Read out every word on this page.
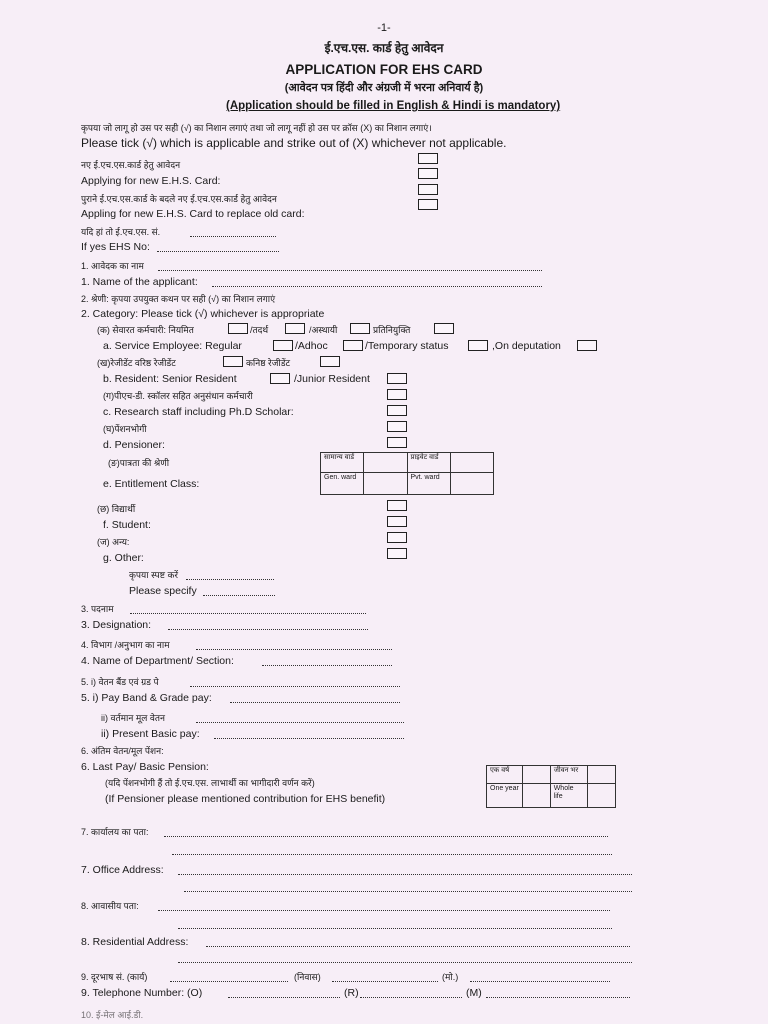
-1-
ई.एच.एस. कार्ड हेतु आवेदन
APPLICATION FOR EHS CARD
(आवेदन पत्र हिंदी और अंग्रजी में भरना अनिवार्य है)
(Application should be filled in English & Hindi is mandatory)
कृपया जो लागू हो उस पर सही (√) का निशान लगाएं तथा जो लागू नहीं हो उस पर क्रॉस (X) का निशान लगाएं।
Please tick (√) which is applicable and strike out of (X) whichever not applicable.
नए ई.एच.एस.कार्ड हेतु आवेदन
Applying for new E.H.S. Card:
पुराने ई.एच.एस.कार्ड के बदले नए ई.एच.एस.कार्ड हेतु आवेदन
Appling for new E.H.S. Card to replace old card:
यदि हां तो ई.एच.एस. सं.
If yes EHS No:
1. आवेदक का नाम
1. Name of the applicant:
2. श्रेणी: कृपया उपयुक्त कथन पर सही (√) का निशान लगाएं
2. Category: Please tick (√) whichever is appropriate
(क) सेवारत कर्मचारी: नियमित	/तदर्थ	/अस्थायी	प्रतिनियुक्ति
a. Service Employee: Regular	/Adhoc	/Temporary status	,On deputation
(ख)रेजीडेंट वरिष्ठ रेजीडेंट	कनिष्ठ रेजीडेंट
b. Resident: Senior Resident	/Junior Resident
(ग)पीएच-डी. स्कॉलर सहित अनुसंधान कर्मचारी
c. Research staff including Ph.D Scholar:
(घ)पेंशनभोगी
d. Pensioner:
(ङ)पात्रता की श्रेणी
e. Entitlement Class:
सामान्य वार्ड		प्राइवेट वार्ड	
Gen. ward		Pvt. ward	
(छ) विद्यार्थी
f. Student:
(ज) अन्य:
g. Other:
कृपया स्पष्ट करें
Please specify
3. पदनाम
3. Designation:
4. विभाग /अनुभाग का नाम
4. Name of Department/ Section:
5. i) वेतन बैंड एवं ग्रड पे
5. i) Pay Band & Grade pay:
ii) वर्तमान मूल वेतन
ii) Present Basic pay:
6. अंतिम वेतन/मूल पेंशन:
6. Last Pay/ Basic Pension:
(यदि पेंशनभोगी हैं तो ई.एच.एस. लाभार्थी का भागीदारी वर्णन करें)
(If Pensioner please mentioned contribution for EHS benefit)
एक वर्ष		जीवन भर	
One year		Whole life	
7. कार्यालय का पता:
7. Office Address:
8. आवासीय पता:
8. Residential Address:
9. दूरभाष सं. (कार्य)	(निवास)	(मो.)
9. Telephone Number: (O)	(R)	(M)
10. ई-मेल आई.डी.
